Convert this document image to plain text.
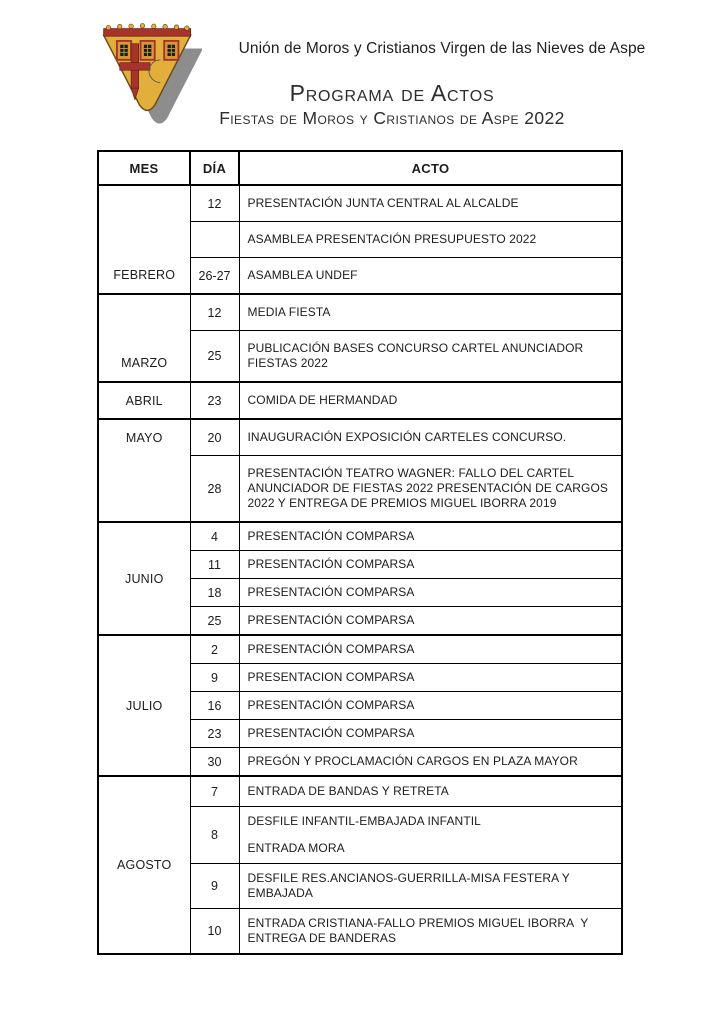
Unión de Moros y Cristianos Virgen de las Nieves de Aspe
Programa de Actos
Fiestas de Moros y Cristianos de Aspe 2022
MES	DÍA	ACTO
FEBRERO	12	PRESENTACIÓN JUNTA CENTRAL AL ALCALDE

		ASAMBLEA PRESENTACIÓN PRESUPUESTO 2022

	26-27	ASAMBLEA UNDEF

MARZO	12	MEDIA FIESTA

	25	PUBLICACIÓN BASES CONCURSO CARTEL ANUNCIADOR FIESTAS 2022

ABRIL	23	COMIDA DE HERMANDAD

MAYO	20	INAUGURACIÓN EXPOSICIÓN CARTELES CONCURSO.

	28	PRESENTACIÓN TEATRO WAGNER: FALLO DEL CARTEL ANUNCIADOR DE FIESTAS 2022 PRESENTACIÓN DE CARGOS 2022 Y ENTREGA DE PREMIOS MIGUEL IBORRA 2019

JUNIO	4	PRESENTACIÓN COMPARSA

	11	PRESENTACIÓN COMPARSA

	18	PRESENTACIÓN COMPARSA

	25	PRESENTACIÓN COMPARSA

JULIO	2	PRESENTACIÓN COMPARSA

	9	PRESENTACION COMPARSA

	16	PRESENTACIÓN COMPARSA

	23	PRESENTACIÓN COMPARSA

	30	PREGÓN Y PROCLAMACIÓN CARGOS EN PLAZA MAYOR

AGOSTO	7	ENTRADA DE BANDAS Y RETRETA

	8	DESFILE INFANTIL-EMBAJADA INFANTIL

ENTRADA MORA

	9	DESFILE RES.ANCIANOS-GUERRILLA-MISA FESTERA Y EMBAJADA

	10	ENTRADA CRISTIANA-FALLO PREMIOS MIGUEL IBORRA  Y ENTREGA DE BANDERAS
